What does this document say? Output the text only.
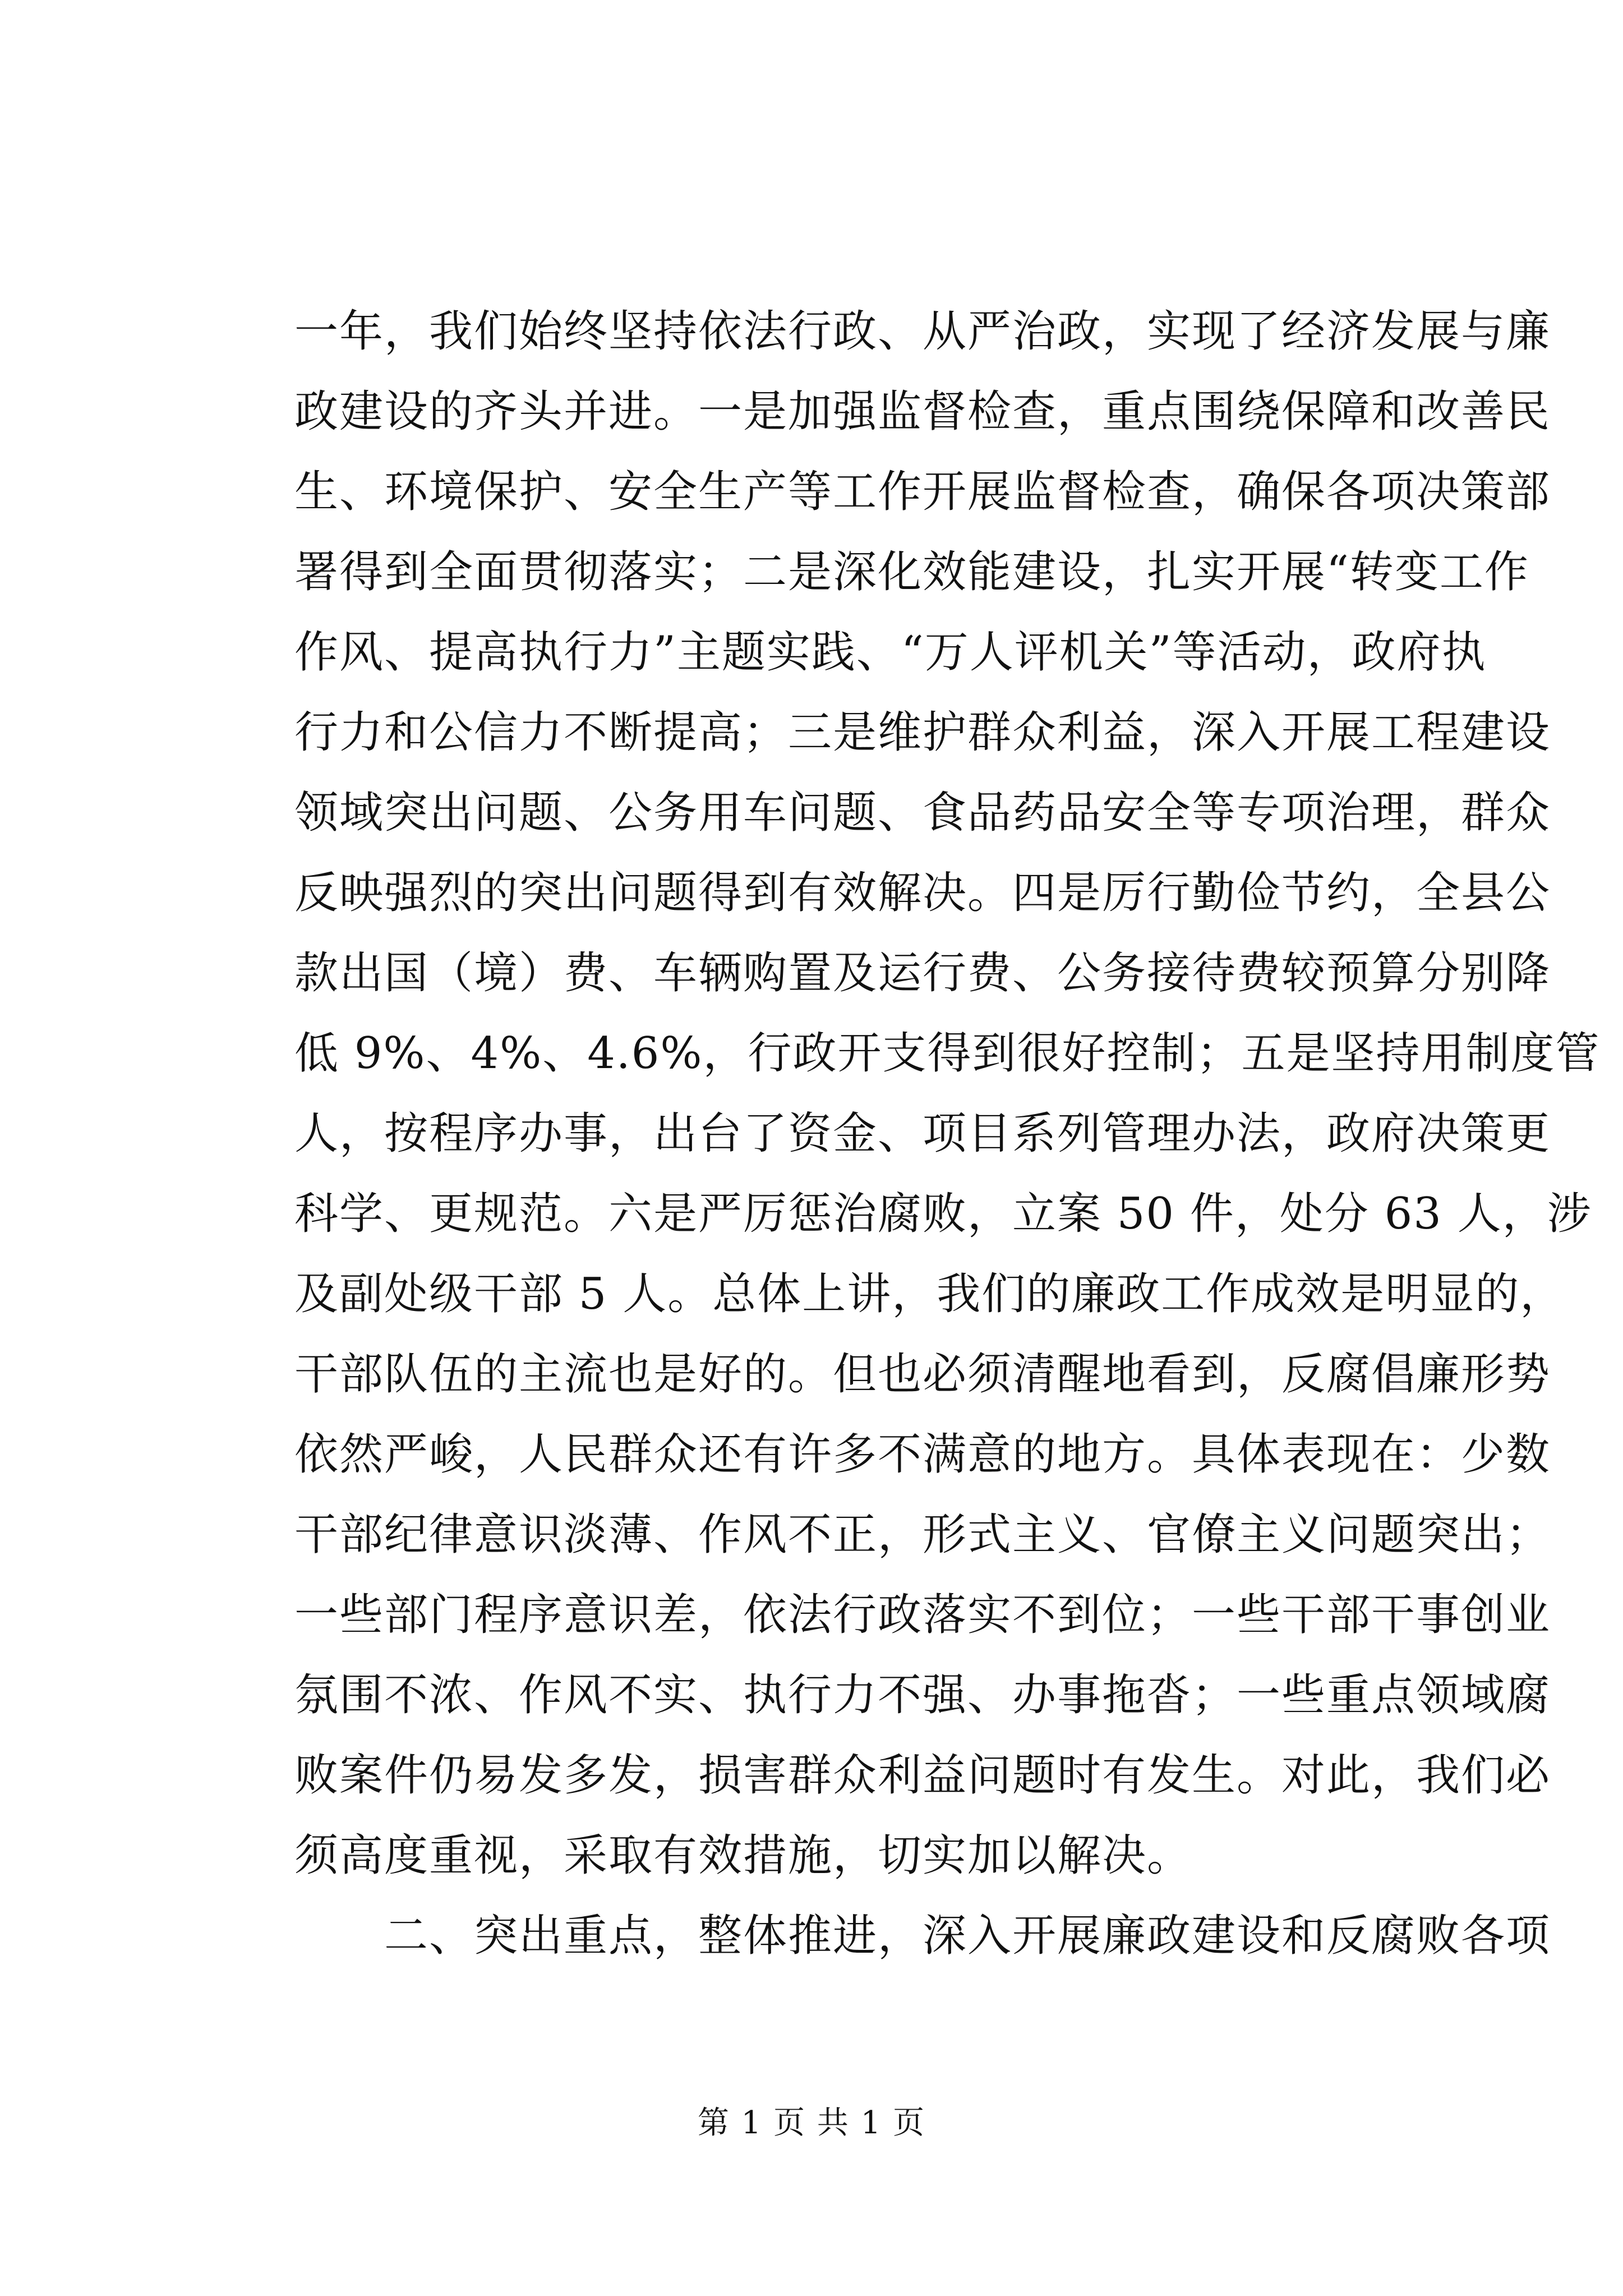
一年，我们始终坚持依法行政、从严治政，实现了经济发展与廉
政建设的齐头并进。一是加强监督检查，重点围绕保障和改善民
生、环境保护、安全生产等工作开展监督检查，确保各项决策部
署得到全面贯彻落实；二是深化效能建设，扎实开展“转变工作
作风、提高执行力”主题实践、“万人评机关”等活动，政府执
行力和公信力不断提高；三是维护群众利益，深入开展工程建设
领域突出问题、公务用车问题、食品药品安全等专项治理，群众
反映强烈的突出问题得到有效解决。四是厉行勤俭节约，全县公
款出国（境）费、车辆购置及运行费、公务接待费较预算分别降
低 9%、4%、4.6%，行政开支得到很好控制；五是坚持用制度管
人，按程序办事，出台了资金、项目系列管理办法，政府决策更
科学、更规范。六是严厉惩治腐败，立案 50 件，处分 63 人，涉
及副处级干部 5 人。总体上讲，我们的廉政工作成效是明显的，
干部队伍的主流也是好的。但也必须清醒地看到，反腐倡廉形势
依然严峻，人民群众还有许多不满意的地方。具体表现在：少数
干部纪律意识淡薄、作风不正，形式主义、官僚主义问题突出；
一些部门程序意识差，依法行政落实不到位；一些干部干事创业
氛围不浓、作风不实、执行力不强、办事拖沓；一些重点领域腐
败案件仍易发多发，损害群众利益问题时有发生。对此，我们必
须高度重视，采取有效措施，切实加以解决。
二、突出重点，整体推进，深入开展廉政建设和反腐败各项
第 1 页 共 1 页
